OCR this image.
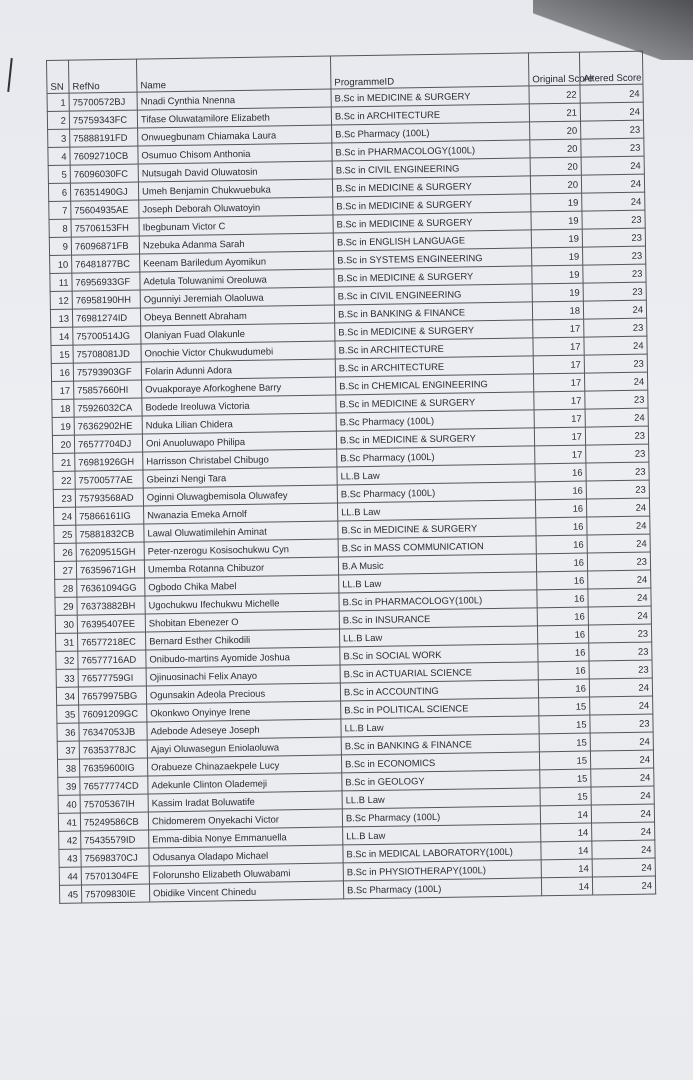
SN	RefNo	Name	ProgrammeID	Original Score	Altered Score
1	75700572BJ	Nnadi Cynthia Nnenna	B.Sc in MEDICINE & SURGERY	22	24
2	75759343FC	Tifase Oluwatamilore Elizabeth	B.Sc in ARCHITECTURE	21	24
3	75888191FD	Onwuegbunam Chiamaka Laura	B.Sc Pharmacy (100L)	20	23
4	76092710CB	Osumuo Chisom Anthonia	B.Sc in PHARMACOLOGY(100L)	20	23
5	76096030FC	Nutsugah David Oluwatosin	B.Sc in CIVIL ENGINEERING	20	24
6	76351490GJ	Umeh Benjamin Chukwuebuka	B.Sc in MEDICINE & SURGERY	20	24
7	75604935AE	Joseph Deborah Oluwatoyin	B.Sc in MEDICINE & SURGERY	19	24
8	75706153FH	Ibegbunam Victor C	B.Sc in MEDICINE & SURGERY	19	23
9	76096871FB	Nzebuka Adanma Sarah	B.Sc in ENGLISH LANGUAGE	19	23
10	76481877BC	Keenam Bariledum Ayomikun	B.Sc in SYSTEMS ENGINEERING	19	23
11	76956933GF	Adetula Toluwanimi Oreoluwa	B.Sc in MEDICINE & SURGERY	19	23
12	76958190HH	Ogunniyi Jeremiah Olaoluwa	B.Sc in CIVIL ENGINEERING	19	23
13	76981274ID	Obeya Bennett Abraham	B.Sc in BANKING & FINANCE	18	24
14	75700514JG	Olaniyan Fuad Olakunle	B.Sc in MEDICINE & SURGERY	17	23
15	75708081JD	Onochie Victor Chukwudumebi	B.Sc in ARCHITECTURE	17	24
16	75793903GF	Folarin Adunni Adora	B.Sc in ARCHITECTURE	17	23
17	75857660HI	Ovuakporaye Aforkoghene Barry	B.Sc in CHEMICAL ENGINEERING	17	24
18	75926032CA	Bodede Ireoluwa Victoria	B.Sc in MEDICINE & SURGERY	17	23
19	76362902HE	Nduka Lilian Chidera	B.Sc Pharmacy (100L)	17	24
20	76577704DJ	Oni Anuoluwapo Philipa	B.Sc in MEDICINE & SURGERY	17	23
21	76981926GH	Harrisson Christabel Chibugo	B.Sc Pharmacy (100L)	17	23
22	75700577AE	Gbeinzi Nengi Tara	LL.B Law	16	23
23	75793568AD	Oginni Oluwagbemisola Oluwafey	B.Sc Pharmacy (100L)	16	23
24	75866161IG	Nwanazia Emeka Arnolf	LL.B Law	16	24
25	75881832CB	Lawal Oluwatimilehin Aminat	B.Sc in MEDICINE & SURGERY	16	24
26	76209515GH	Peter-nzerogu Kosisochukwu Cyn	B.Sc in MASS COMMUNICATION	16	24
27	76359671GH	Umemba Rotanna Chibuzor	B.A Music	16	23
28	76361094GG	Ogbodo Chika Mabel	LL.B Law	16	24
29	76373882BH	Ugochukwu Ifechukwu Michelle	B.Sc in PHARMACOLOGY(100L)	16	24
30	76395407EE	Shobitan Ebenezer O	B.Sc in INSURANCE	16	24
31	76577218EC	Bernard Esther Chikodili	LL.B Law	16	23
32	76577716AD	Onibudo-martins Ayomide Joshua	B.Sc in SOCIAL WORK	16	23
33	76577759GI	Ojinuosinachi Felix Anayo	B.Sc in ACTUARIAL SCIENCE	16	23
34	76579975BG	Ogunsakin Adeola Precious	B.Sc in ACCOUNTING	16	24
35	76091209GC	Okonkwo Onyinye Irene	B.Sc in POLITICAL SCIENCE	15	24
36	76347053JB	Adebode Adeseye Joseph	LL.B Law	15	23
37	76353778JC	Ajayi Oluwasegun Eniolaoluwa	B.Sc in BANKING & FINANCE	15	24
38	76359600IG	Orabueze Chinazaekpele Lucy	B.Sc in ECONOMICS	15	24
39	76577774CD	Adekunle Clinton Olademeji	B.Sc in GEOLOGY	15	24
40	75705367IH	Kassim Iradat Boluwatife	LL.B Law	15	24
41	75249586CB	Chidomerem Onyekachi Victor	B.Sc Pharmacy (100L)	14	24
42	75435579ID	Emma-dibia Nonye Emmanuella	LL.B Law	14	24
43	75698370CJ	Odusanya Oladapo Michael	B.Sc in MEDICAL LABORATORY(100L)	14	24
44	75701304FE	Folorunsho Elizabeth Oluwabami	B.Sc in PHYSIOTHERAPY(100L)	14	24
45	75709830IE	Obidike Vincent Chinedu	B.Sc Pharmacy (100L)	14	24
